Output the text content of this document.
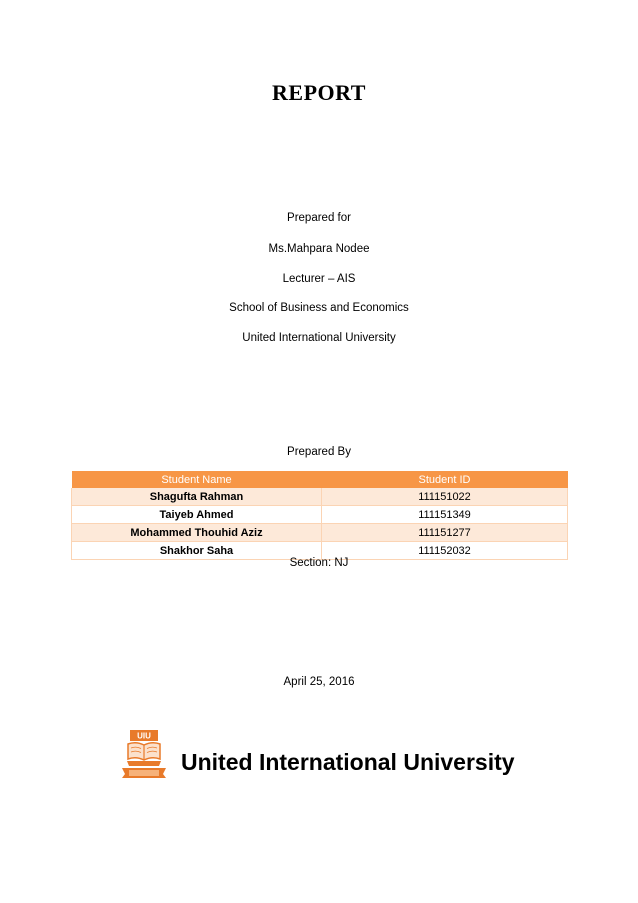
REPORT
Prepared for
Ms.Mahpara Nodee
Lecturer – AIS
School of Business and Economics
United International University
Prepared By
Student Name	Student ID
Shagufta Rahman	111151022
Taiyeb Ahmed	111151349
Mohammed Thouhid Aziz	111151277
Shakhor Saha	111152032
Section: NJ
April 25, 2016
UIU
United International University
